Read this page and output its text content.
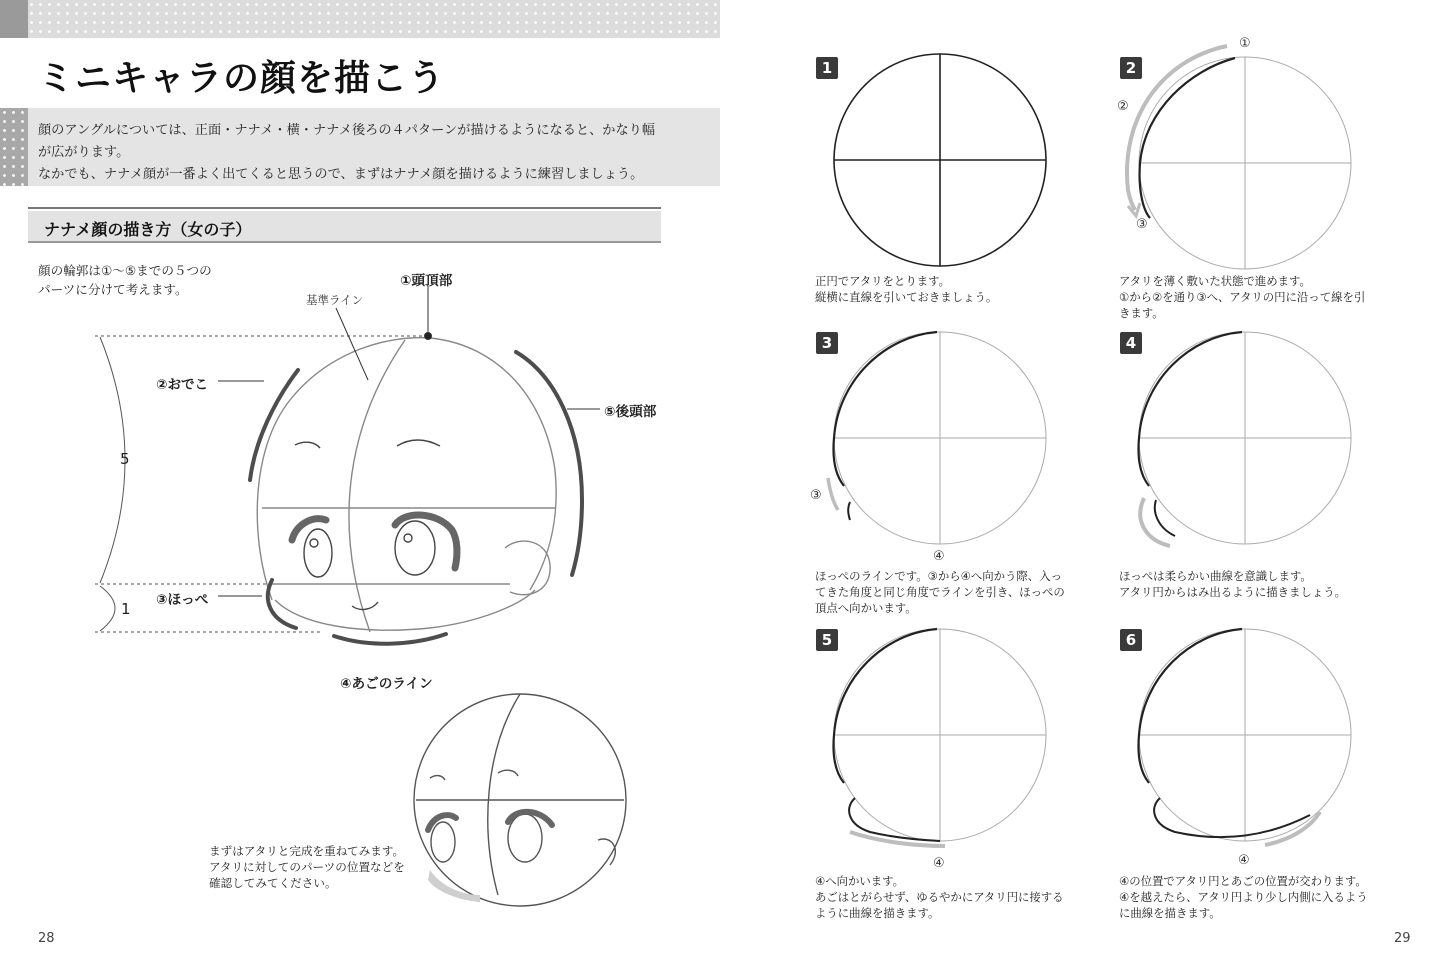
ミニキャラの顔を描こう
顔のアングルについては、正面・ナナメ・横・ナナメ後ろの４パターンが描けるようになると、かなり幅
が広がります。
なかでも、ナナメ顔が一番よく出てくると思うので、まずはナナメ顔を描けるように練習しましょう。
ナナメ顔の描き方（女の子）
顔の輪郭は①〜⑤までの５つの
パーツに分けて考えます。
①頭頂部
基準ライン
②おでこ
⑤後頭部
③ほっぺ
④あごのライン
5
1
まずはアタリと完成を重ねてみます。
アタリに対してのパーツの位置などを
確認してみてください。
28
1	2
3	4
5	6
①
②
③
③
④
④	④
正円でアタリをとります。
縦横に直線を引いておきましょう。
アタリを薄く敷いた状態で進めます。
①から②を通り③へ、アタリの円に沿って線を引
きます。
ほっぺのラインです。③から④へ向かう際、入っ
てきた角度と同じ角度でラインを引き、ほっぺの
頂点へ向かいます。
ほっぺは柔らかい曲線を意識します。
アタリ円からはみ出るように描きましょう。
④へ向かいます。
あごはとがらせず、ゆるやかにアタリ円に接する
ように曲線を描きます。
④の位置でアタリ円とあごの位置が交わります。
④を越えたら、アタリ円より少し内側に入るよう
に曲線を描きます。
29
